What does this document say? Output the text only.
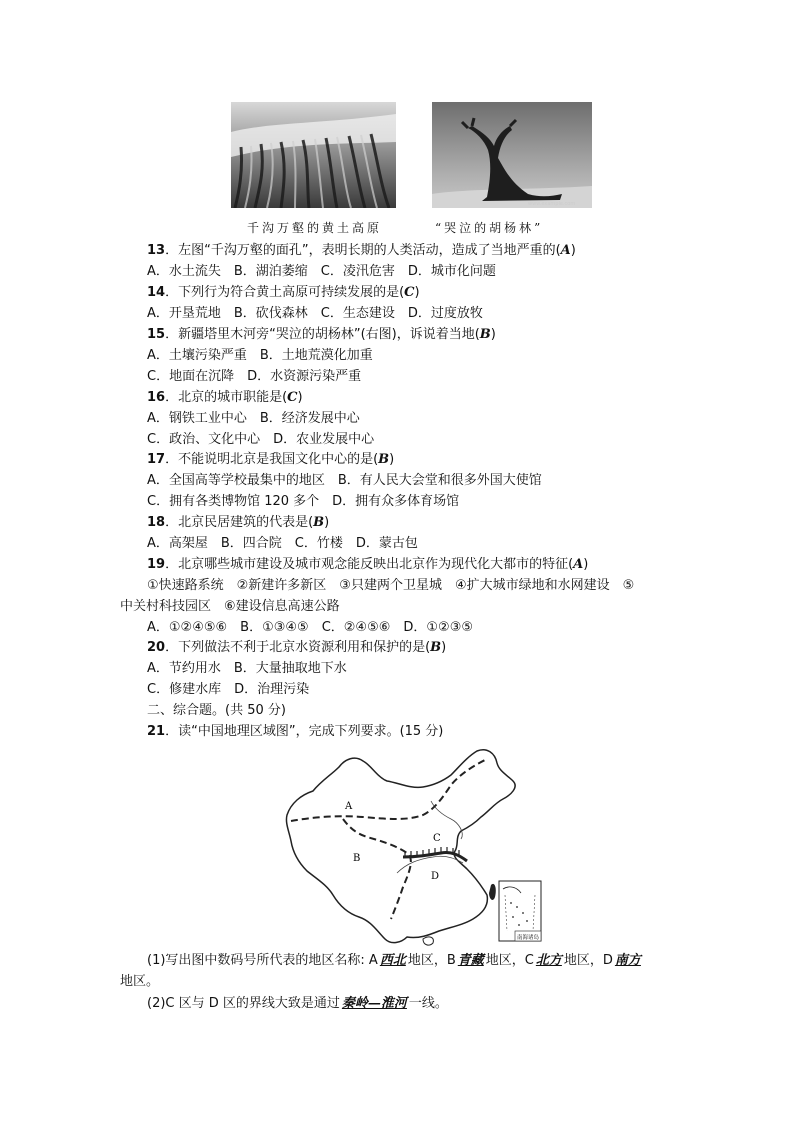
www.example.com
千沟万壑的黄土高原	“哭泣的胡杨林”
13．左图“千沟万壑的面孔”，表明长期的人类活动，造成了当地严重的(A)
A．水土流失　B．湖泊萎缩　C．凌汛危害　D．城市化问题
14．下列行为符合黄土高原可持续发展的是(C)
A．开垦荒地　B．砍伐森林　C．生态建设　D．过度放牧
15．新疆塔里木河旁“哭泣的胡杨林”(右图)，诉说着当地(B)
A．土壤污染严重　B．土地荒漠化加重
C．地面在沉降　D．水资源污染严重
16．北京的城市职能是(C)
A．钢铁工业中心　B．经济发展中心
C．政治、文化中心　D．农业发展中心
17．不能说明北京是我国文化中心的是(B)
A．全国高等学校最集中的地区　B．有人民大会堂和很多外国大使馆
C．拥有各类博物馆 120 多个　D．拥有众多体育场馆
18．北京民居建筑的代表是(B)
A．高架屋　B．四合院　C．竹楼　D．蒙古包
19．北京哪些城市建设及城市观念能反映出北京作为现代化大都市的特征(A)
①快速路系统　②新建许多新区　③只建两个卫星城　④扩大城市绿地和水网建设　⑤
中关村科技园区　⑥建设信息高速公路
A．①②④⑤⑥　B．①③④⑤　C．②④⑤⑥　D．①②③⑤
20．下列做法不利于北京水资源利用和保护的是(B)
A．节约用水　B．大量抽取地下水
C．修建水库　D．治理污染
二、综合题。(共 50 分)
21．读“中国地理区域图”，完成下列要求。(15 分)
A
B
C
D
南海诸岛
(1)写出图中数码号所代表的地区名称: A 西北 地区，B 青藏 地区，C 北方 地区，D 南方
地区。
(2)C 区与 D 区的界线大致是通过 秦岭—淮河 一线。
